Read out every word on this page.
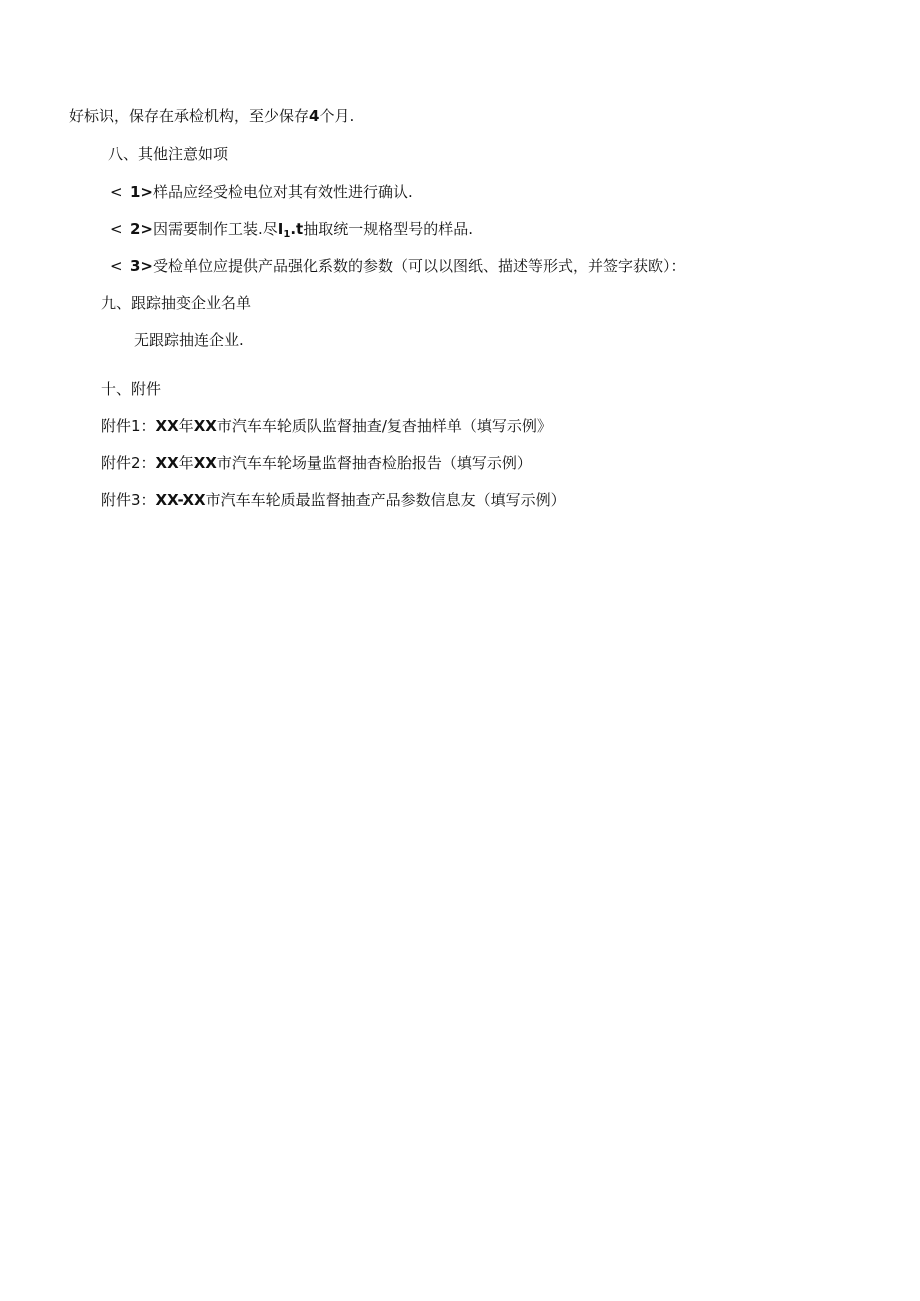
好标识，保存在承检机构，至少保存4个月.
八、其他注意如项
< 1>样品应经受检电位对其有效性进行确认.
< 2>因需要制作工装.尽$I_1.t$抽取统一规格型号的样品.
< 3>受检单位应提供产品强化系数的参数（可以以图纸、描述等形式，并签字获欧）：
九、跟踪抽变企业名单
无跟踪抽连企业.
十、附件
附件1：XX年XX市汽车车轮质队监督抽查/复杳抽样单（填写示例》
附件2：XX年XX市汽车车轮场量监督抽杳检胎报告（填写示例）
附件3：XX-XX市汽车车轮质最监督抽查产品参数信息友（填写示例）
